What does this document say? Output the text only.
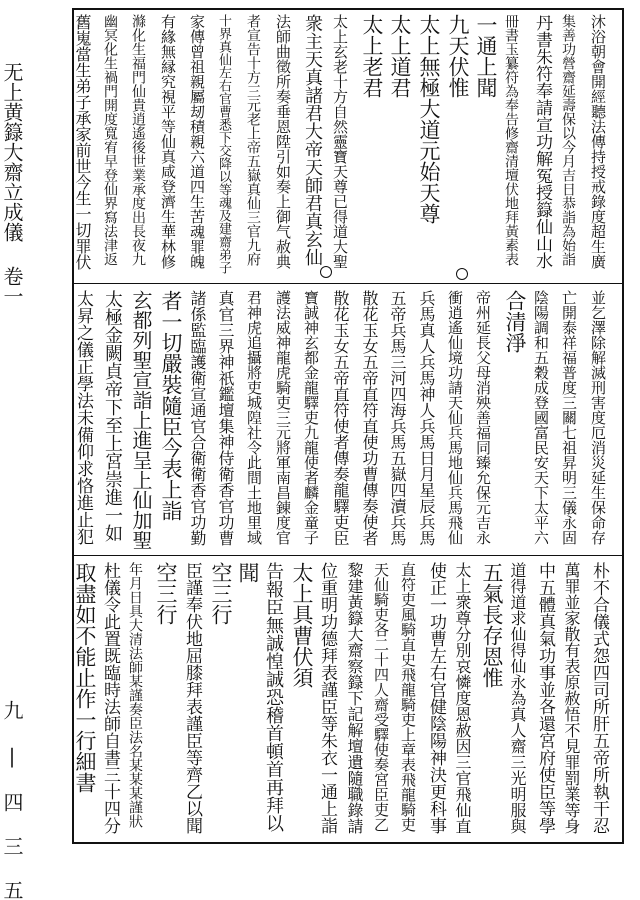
无上黄籙大齋立成儀 卷一
九 | 四 三 五
沐浴朝會開經聽法傳持授戒錄度超生廣
集善功營齋延壽保以今月吉日恭詣為始詣
丹書朱符奉請宣功解冤授籙仙山水
冊書玉纂符為奉告修齋清壇伏地拜黃素表
一通上聞
九天伏惟
太上無極大道元始天尊
太上道君
太上老君
太上玄老十方自然靈寶天尊已得道大聖
衆主天真諸君大帝天師君真玄仙
法師曲徵所奏垂恩陞引如奏上御气赦典
者宣告十方三元老上帝五嶽真仙三官九府
十界真仙左右官曹悉下交降以等魂及建齋弟子
家傳曾祖親屬刼積親六道四生苦魂罪魄
有緣無縁究視平等仙真咸登濟生華林修
滌化生福門仙貴逍遙後世業承度出長夜九
幽冥化生禍門開度寬宥早登仙界寫法津返
舊嵬當生弟子承家前世今生一切罪伏
並乞澤除解滅刑害度厄消災延生保命存
亡開泰祥福普度三關七祖昇明三儀永固
陰陽調和五穀成登國富民安天下太平六
合清淨
帝州延長父母消殃善福同臻允保元吉永
衝逍遙仙境功請天仙兵馬地仙兵馬飛仙
兵馬真人兵馬神人兵馬日月星辰兵馬
五帝兵馬三河四海兵馬五嶽四瀆兵馬
散花玉女五帝直符直使功曹傳奏使者
散花玉女五帝直符使者傳奏龍驛吏臣
寶誠神玄都金龍驛吏九龍使者麟金童子
護法威神龍虎騎吏三元將軍南昌錬度官
君神虎追攝將吏城隍社令此間土地里域
真官三界神祇鑑壇集神侍衛香官功曹
諸係監臨護衛宣通官合衛衛香官功勤
者一切嚴裝隨臣今表上詣
玄都列聖宣詣上進呈上仙加聖
太極金闕貞帝下至上宮崇進一如
太昇之儀正學法未備仰求恪進止犯
朴不合儀式怨四司所肝五帝所執干忍
萬罪並家散有表原赦悟不見罪罰業等身
中五體真氣功事並各還宮府使臣等學
道得道求仙得仙永為真人齋三光明服與
五氣長存恩惟
太上衆尊分別哀憐度恩赦因三官飛仙直
使正一功曹左右官健陰陽神決更科事
直符吏風騎直史飛龍騎吏上章表飛龍騎吏
天仙騎吏各二十四人齋受驛使奏宮臣吏乙
黎建黃籙大齋察籙下記解壇遺隨職錄請
位重明功德拜表謹臣等朱衣一通上詣
太上具曹伏須
告報臣無誠惶誠恐稽首頓首再拜以
聞
空三行
臣謹奉伏地屈膝拜表謹臣等齊乙以聞
空三行
年月日具大清法師某謹奏臣法名某某某謹狀
杜儀令此置既臨時法師自書三十四分
取盡如不能止作一行細書
